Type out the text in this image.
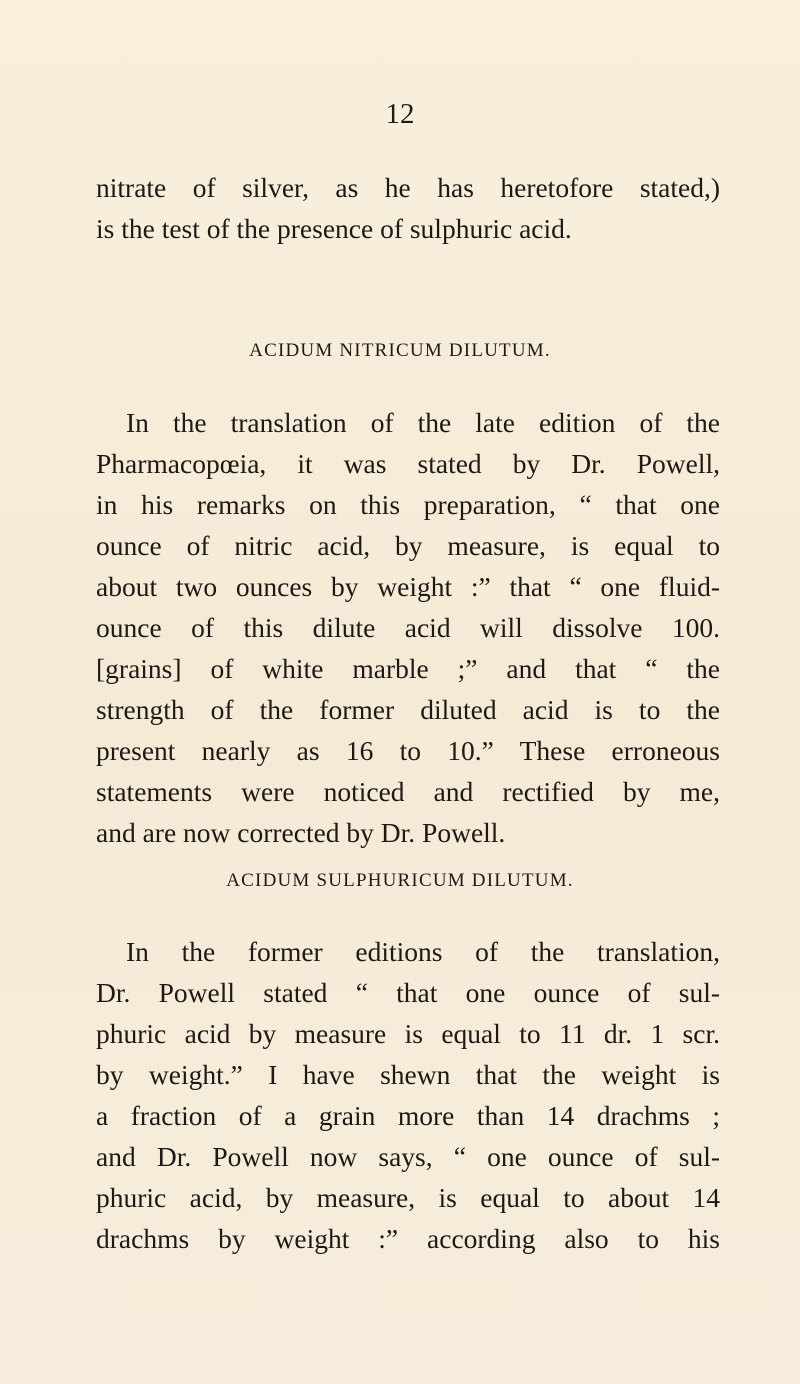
12
nitrate of silver, as he has heretofore stated,)
is the test of the presence of sulphuric acid.
ACIDUM NITRICUM DILUTUM.
In the translation of the late edition of the
Pharmacopœia, it was stated by Dr. Powell,
in his remarks on this preparation, “ that one
ounce of nitric acid, by measure, is equal to
about two ounces by weight :” that “ one fluid-
ounce of this dilute acid will dissolve 100.
[grains] of white marble ;” and that “ the
strength of the former diluted acid is to the
present nearly as 16 to 10.” These erroneous
statements were noticed and rectified by me,
and are now corrected by Dr. Powell.
ACIDUM SULPHURICUM DILUTUM.
In the former editions of the translation,
Dr. Powell stated “ that one ounce of sul-
phuric acid by measure is equal to 11 dr. 1 scr.
by weight.” I have shewn that the weight is
a fraction of a grain more than 14 drachms ;
and Dr. Powell now says, “ one ounce of sul-
phuric acid, by measure, is equal to about 14
drachms by weight :” according also to his
